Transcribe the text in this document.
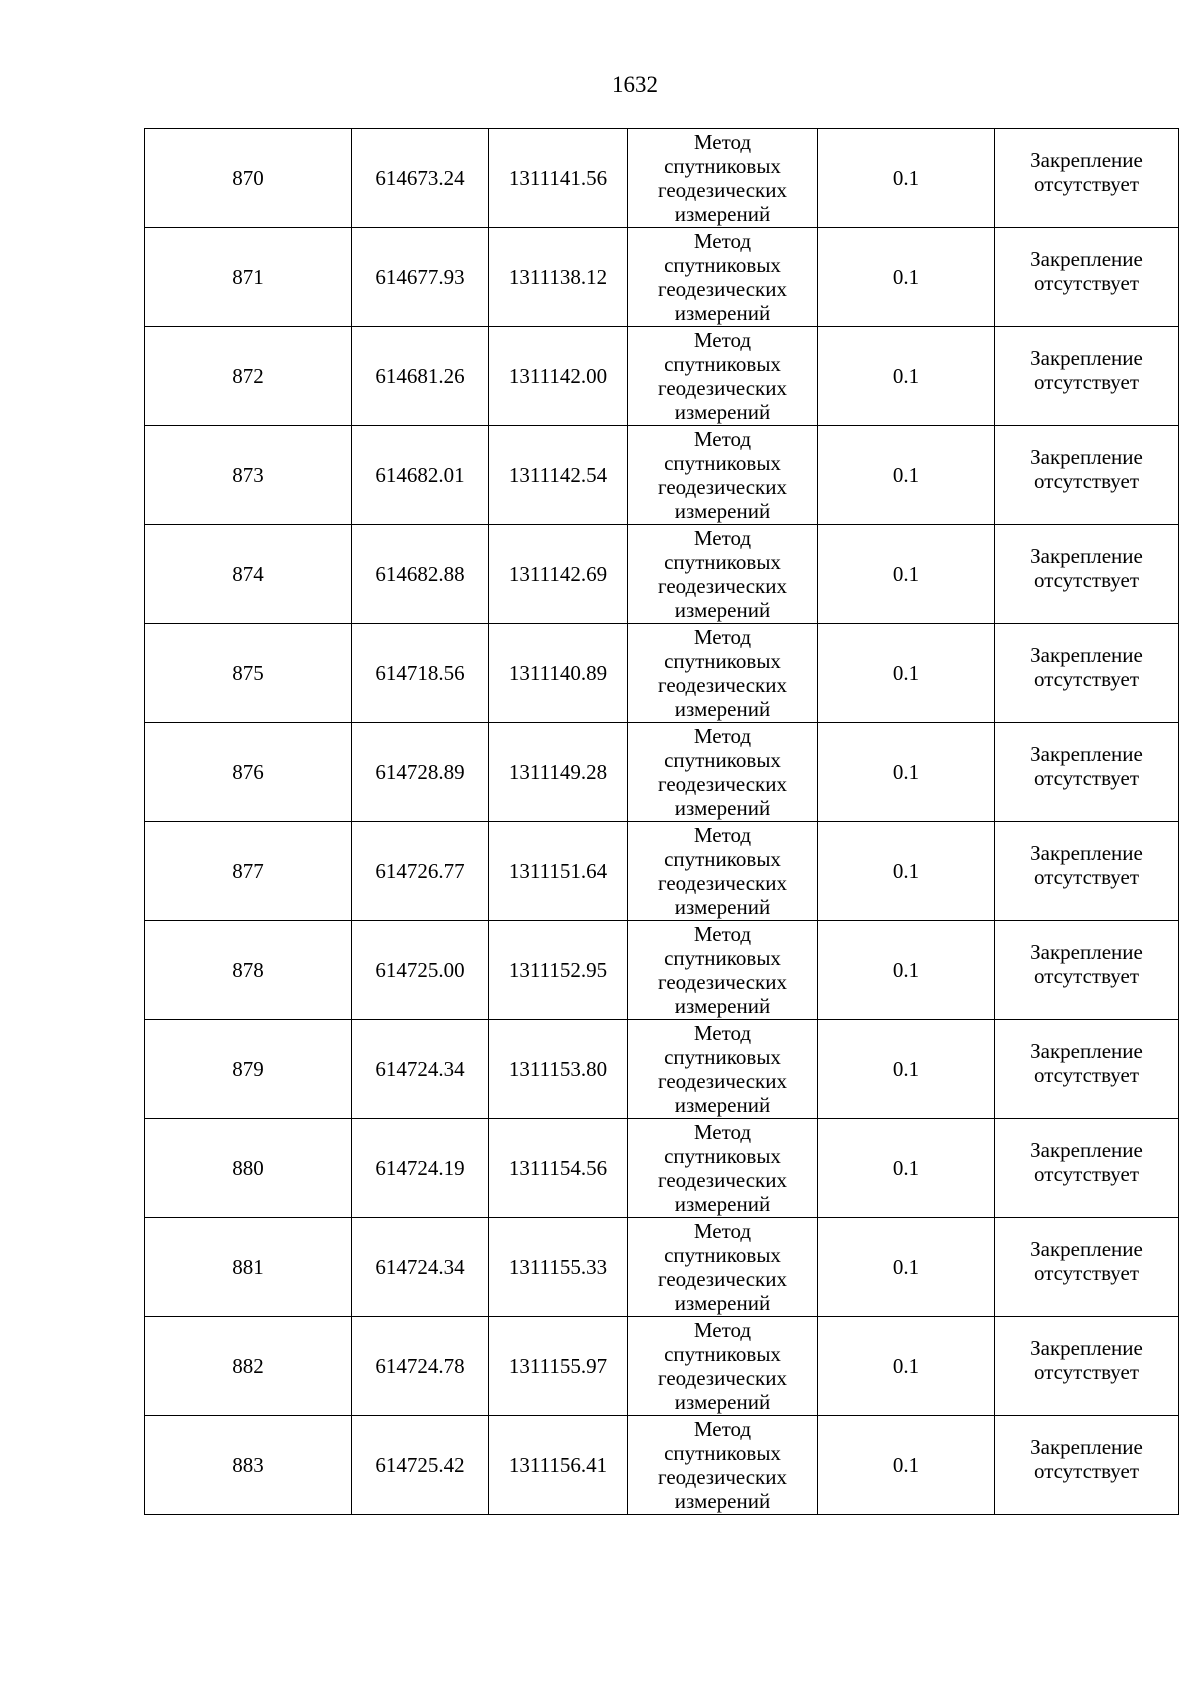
1632
870	614673.24	1311141.56	Метод спутниковых геодезических измерений	0.1	Закрепление отсутствует

871	614677.93	1311138.12	Метод спутниковых геодезических измерений	0.1	Закрепление отсутствует

872	614681.26	1311142.00	Метод спутниковых геодезических измерений	0.1	Закрепление отсутствует

873	614682.01	1311142.54	Метод спутниковых геодезических измерений	0.1	Закрепление отсутствует

874	614682.88	1311142.69	Метод спутниковых геодезических измерений	0.1	Закрепление отсутствует

875	614718.56	1311140.89	Метод спутниковых геодезических измерений	0.1	Закрепление отсутствует

876	614728.89	1311149.28	Метод спутниковых геодезических измерений	0.1	Закрепление отсутствует

877	614726.77	1311151.64	Метод спутниковых геодезических измерений	0.1	Закрепление отсутствует

878	614725.00	1311152.95	Метод спутниковых геодезических измерений	0.1	Закрепление отсутствует

879	614724.34	1311153.80	Метод спутниковых геодезических измерений	0.1	Закрепление отсутствует

880	614724.19	1311154.56	Метод спутниковых геодезических измерений	0.1	Закрепление отсутствует

881	614724.34	1311155.33	Метод спутниковых геодезических измерений	0.1	Закрепление отсутствует

882	614724.78	1311155.97	Метод спутниковых геодезических измерений	0.1	Закрепление отсутствует

883	614725.42	1311156.41	Метод спутниковых геодезических измерений	0.1	Закрепление отсутствует
